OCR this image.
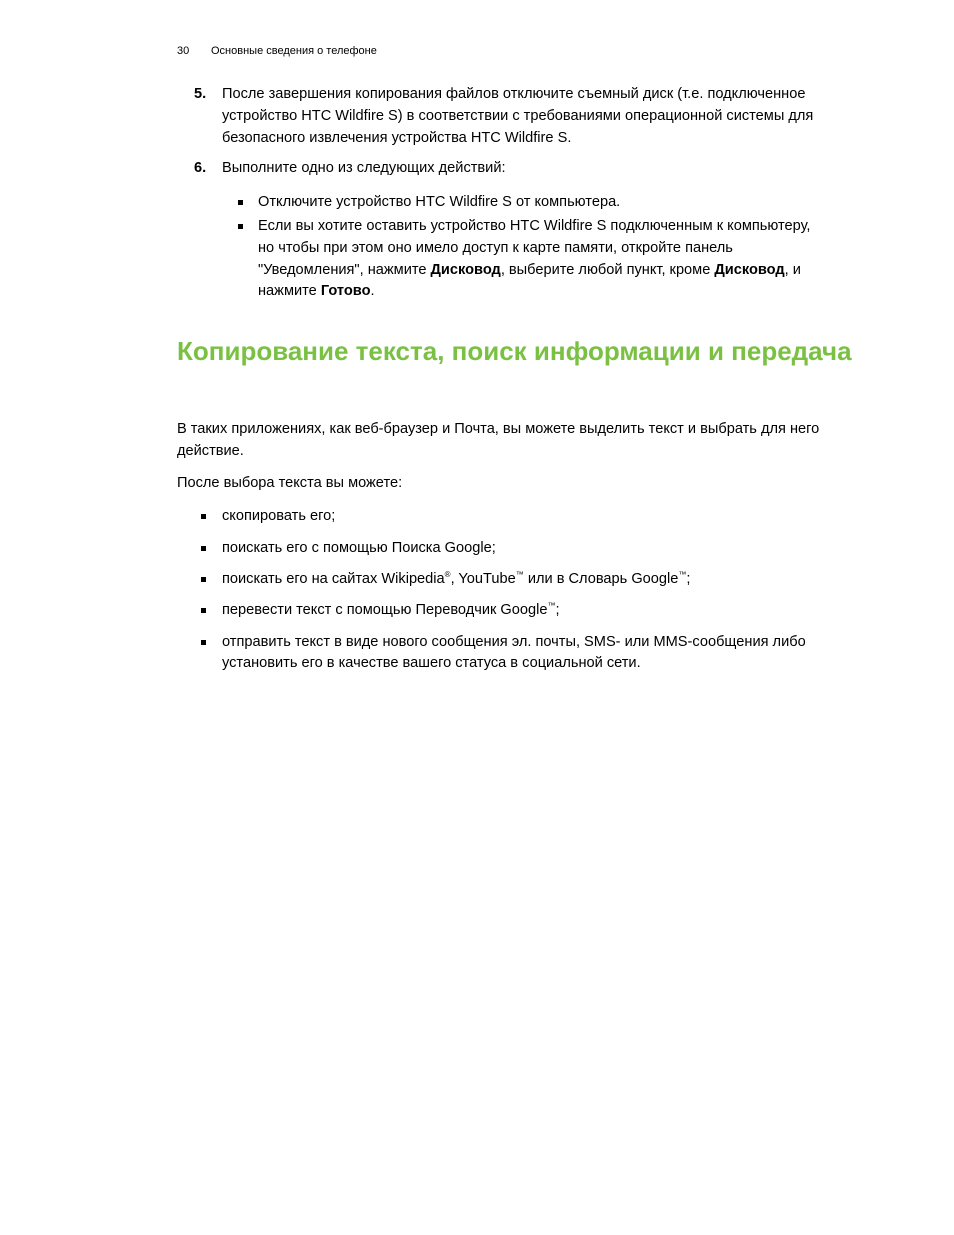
30 Основные сведения о телефоне
5. После завершения копирования файлов отключите съемный диск (т.е. подключенное устройство HTC Wildfire S) в соответствии с требованиями операционной системы для безопасного извлечения устройства HTC Wildfire S.
6. Выполните одно из следующих действий:
Отключите устройство HTC Wildfire S от компьютера.
Если вы хотите оставить устройство HTC Wildfire S подключенным к компьютеру, но чтобы при этом оно имело доступ к карте памяти, откройте панель "Уведомления", нажмите Дисковод, выберите любой пункт, кроме Дисковод, и нажмите Готово.
Копирование текста, поиск информации и передача

В таких приложениях, как веб-браузер и Почта, вы можете выделить текст и выбрать для него действие.

После выбора текста вы можете:

скопировать его;
поискать его с помощью Поиска Google;
поискать его на сайтах Wikipedia®, YouTube™ или в Словарь Google™;
перевести текст с помощью Переводчик Google™;
отправить текст в виде нового сообщения эл. почты, SMS- или MMS-сообщения либо установить его в качестве вашего статуса в социальной сети.
